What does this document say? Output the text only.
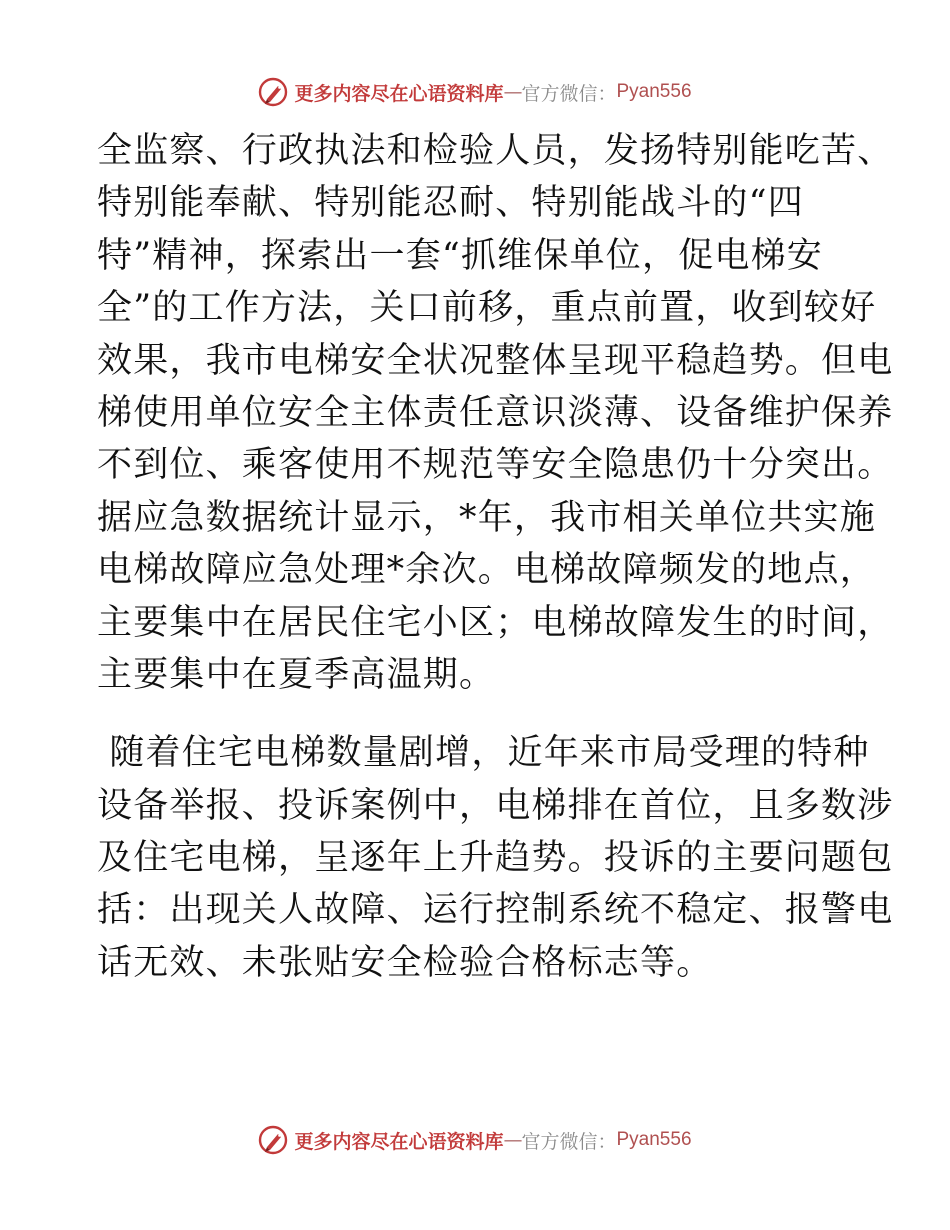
更多内容尽在心语资料库 — 官方微信： Pyan556
全监察、行政执法和检验人员，发扬特别能吃苦、
特别能奉献、特别能忍耐、特别能战斗的“四
特”精神，探索出一套“抓维保单位，促电梯安
全”的工作方法，关口前移，重点前置，收到较好
效果，我市电梯安全状况整体呈现平稳趋势。但电
梯使用单位安全主体责任意识淡薄、设备维护保养
不到位、乘客使用不规范等安全隐患仍十分突出。
据应急数据统计显示，*年，我市相关单位共实施
电梯故障应急处理*余次。电梯故障频发的地点，
主要集中在居民住宅小区；电梯故障发生的时间，
主要集中在夏季高温期。
随着住宅电梯数量剧增，近年来市局受理的特种
设备举报、投诉案例中，电梯排在首位，且多数涉
及住宅电梯，呈逐年上升趋势。投诉的主要问题包
括：出现关人故障、运行控制系统不稳定、报警电
话无效、未张贴安全检验合格标志等。
更多内容尽在心语资料库 — 官方微信： Pyan556
